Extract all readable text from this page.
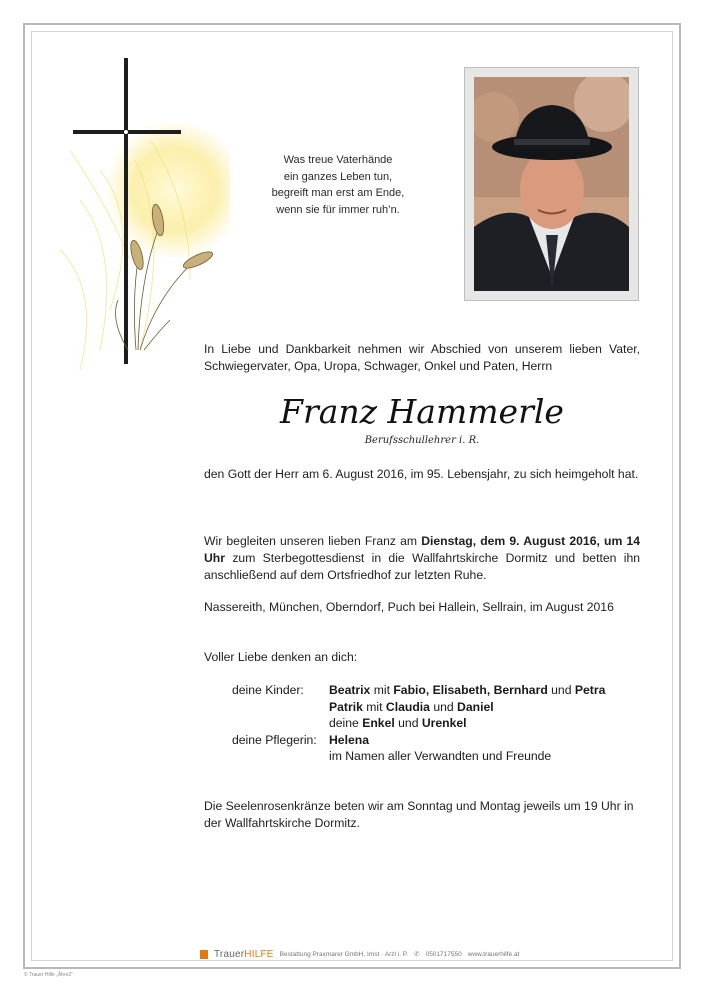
Was treue Vaterhände
ein ganzes Leben tun,
begreift man erst am Ende,
wenn sie für immer ruh’n.
In Liebe und Dankbarkeit nehmen wir Abschied von unserem lieben Vater, Schwiegervater, Opa, Uropa, Schwager, Onkel und Paten, Herrn
Franz Hammerle
Berufsschullehrer i. R.
den Gott der Herr am 6. August 2016, im 95. Lebensjahr, zu sich heimgeholt hat.
Wir begleiten unseren lieben Franz am Dienstag, dem 9. August 2016, um 14 Uhr zum Sterbegottesdienst in die Wallfahrtskirche Dormitz und betten ihn anschließend auf dem Ortsfriedhof zur letzten Ruhe.
Nassereith, München, Oberndorf, Puch bei Hallein, Sellrain, im August 2016
Voller Liebe denken an dich:
deine Kinder:	Beatrix mit Fabio, Elisabeth, Bernhard und Petra
Patrik mit Claudia und Daniel
deine Enkel und Urenkel
deine Pflegerin:	Helena
im Namen aller Verwandten und Freunde
Die Seelenrosenkränze beten wir am Sonntag und Montag jeweils um 19 Uhr in der Wallfahrtskirche Dormitz.
TrauerHILFE Bestattung Praxmarer GmbH, Imst · Arzl i. P. ✆ 0501717550 www.trauerhilfe.at
© Trauer Hilfe „Ähre2“
